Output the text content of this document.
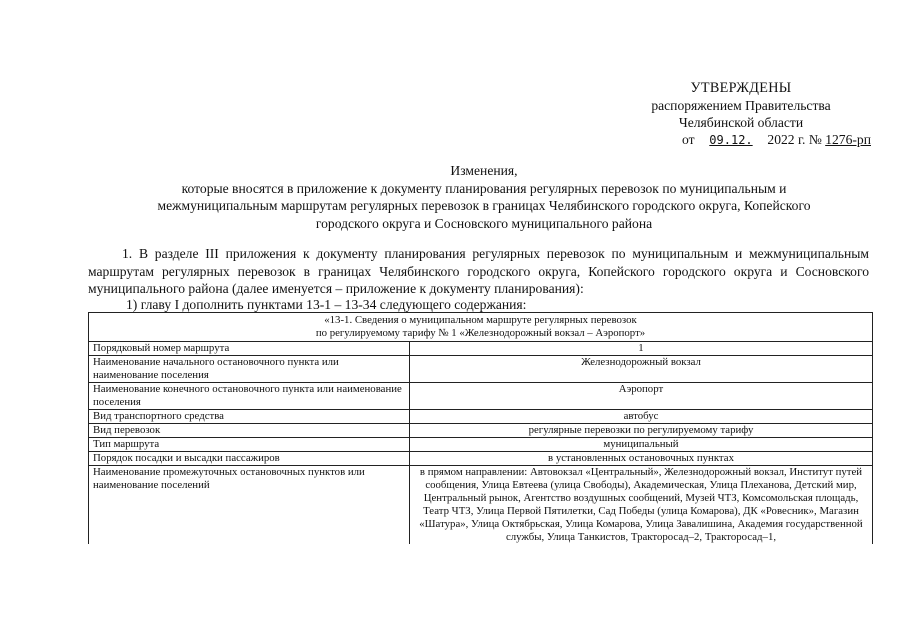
УТВЕРЖДЕНЫ
распоряжением Правительства
Челябинской области
от 09.12. 2022 г. № 1276-рп
Изменения,
которые вносятся в приложение к документу планирования регулярных перевозок по муниципальным и
межмуниципальным маршрутам регулярных перевозок в границах Челябинского городского округа, Копейского
городского округа и Сосновского муниципального района
1. В разделе III приложения к документу планирования регулярных перевозок по муниципальным и межмуниципальным маршрутам регулярных перевозок в границах Челябинского городского округа, Копейского городского округа и Сосновского муниципального района (далее именуется – приложение к документу планирования):
1) главу I дополнить пунктами 13-1 – 13-34 следующего содержания:
«13-1. Сведения о муниципальном маршруте регулярных перевозок
по регулируемому тарифу № 1 «Железнодорожный вокзал – Аэропорт»	

Порядковый номер маршрута	1
Наименование начального остановочного пункта или наименование поселения	Железнодорожный вокзал
Наименование конечного остановочного пункта или наименование поселения	Аэропорт
Вид транспортного средства	автобус
Вид перевозок	регулярные перевозки по регулируемому тарифу
Тип маршрута	муниципальный
Порядок посадки и высадки пассажиров	в установленных остановочных пунктах
Наименование промежуточных остановочных пунктов или наименование поселений	в прямом направлении: Автовокзал «Центральный», Железнодорожный вокзал, Институт путей сообщения, Улица Евтеева (улица Свободы), Академическая, Улица Плеханова, Детский мир, Центральный рынок, Агентство воздушных сообщений, Музей ЧТЗ, Комсомольская площадь, Театр ЧТЗ, Улица Первой Пятилетки, Сад Победы (улица Комарова), ДК «Ровесник», Магазин «Шатура», Улица Октябрьская, Улица Комарова, Улица Завалишина, Академия государственной службы, Улица Танкистов, Тракторосад–2, Тракторосад–1,
